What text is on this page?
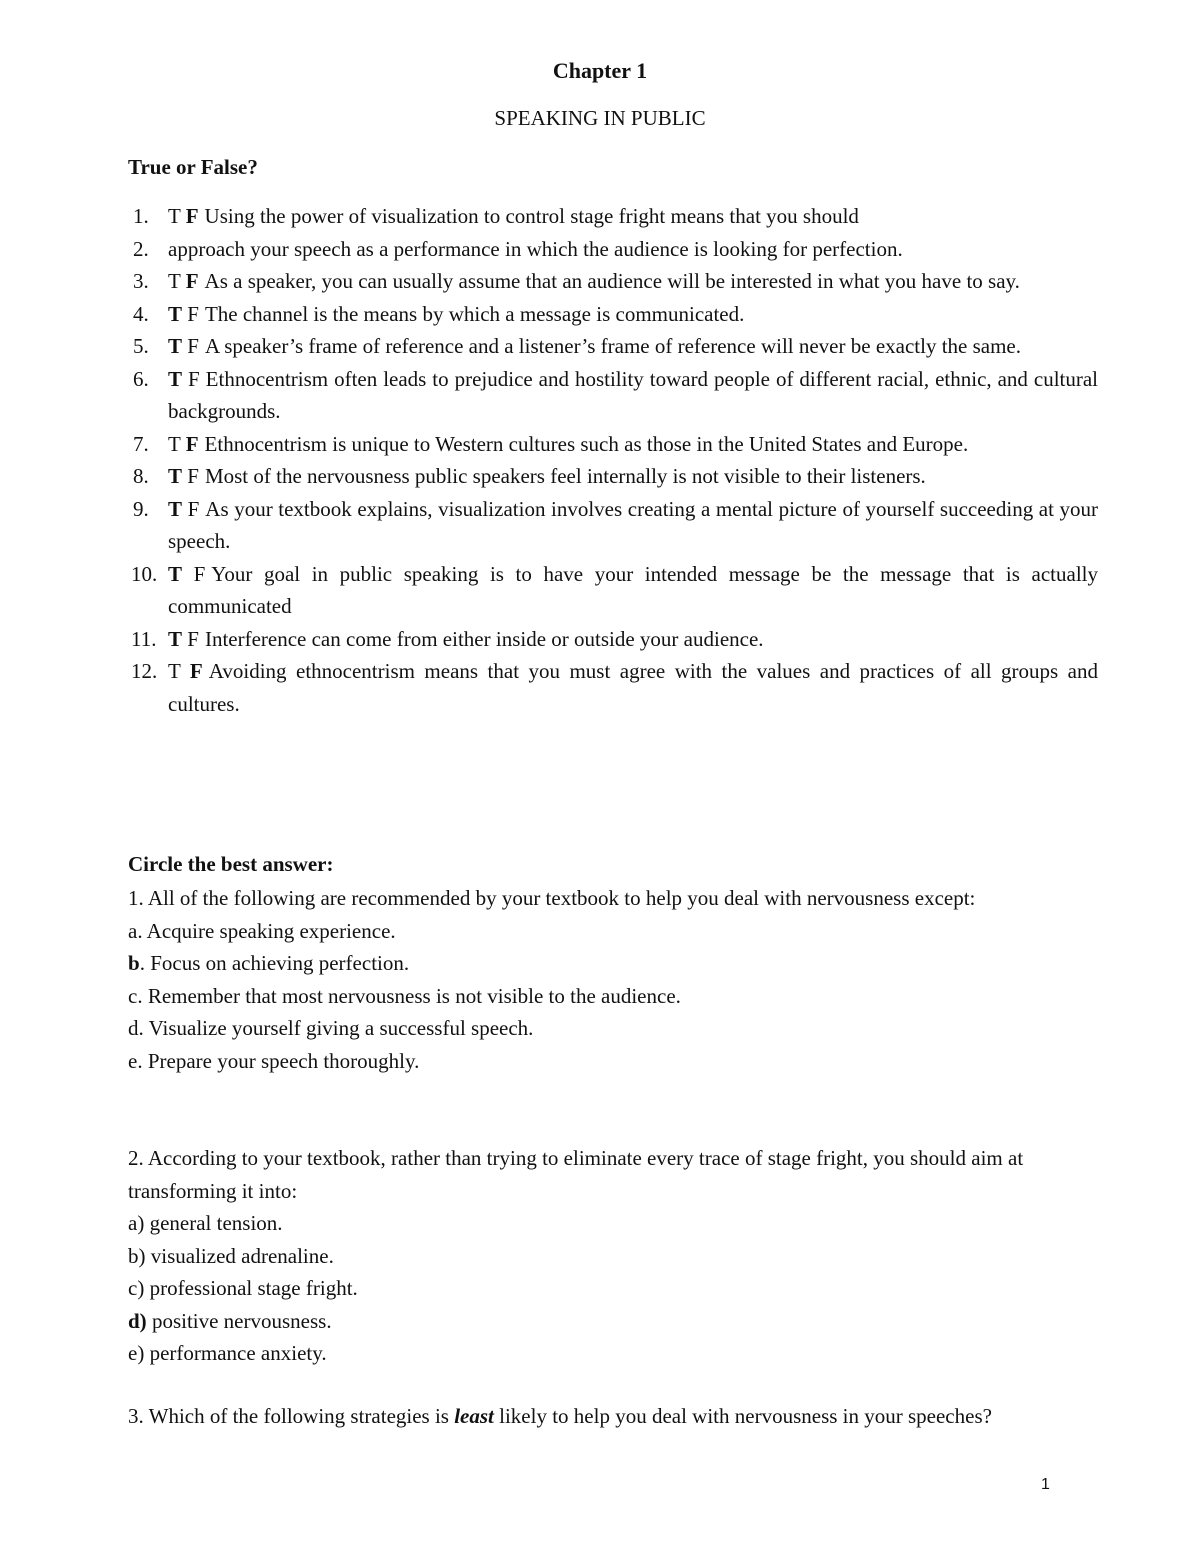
Chapter 1
SPEAKING IN PUBLIC
True or False?
1. T F Using the power of visualization to control stage fright means that you should
2. approach your speech as a performance in which the audience is looking for perfection.
3. T F As a speaker, you can usually assume that an audience will be interested in what you have to say.
4. T F The channel is the means by which a message is communicated.
5. T F A speaker’s frame of reference and a listener’s frame of reference will never be exactly the same.
6. T F Ethnocentrism often leads to prejudice and hostility toward people of different racial, ethnic, and cultural backgrounds.
7. T F Ethnocentrism is unique to Western cultures such as those in the United States and Europe.
8. T F Most of the nervousness public speakers feel internally is not visible to their listeners.
9. T F As your textbook explains, visualization involves creating a mental picture of yourself succeeding at your speech.
10. T F Your goal in public speaking is to have your intended message be the message that is actually communicated
11. T F Interference can come from either inside or outside your audience.
12. T F Avoiding ethnocentrism means that you must agree with the values and practices of all groups and cultures.
Circle the best answer:

1. All of the following are recommended by your textbook to help you deal with nervousness except:

a. Acquire speaking experience.

b. Focus on achieving perfection.

c. Remember that most nervousness is not visible to the audience.

d. Visualize yourself giving a successful speech.

e. Prepare your speech thoroughly.

2. According to your textbook, rather than trying to eliminate every trace of stage fright, you should aim at transforming it into:

a) general tension.

b) visualized adrenaline.

c) professional stage fright.

d) positive nervousness.

e) performance anxiety.

3. Which of the following strategies is least likely to help you deal with nervousness in your speeches?

1
